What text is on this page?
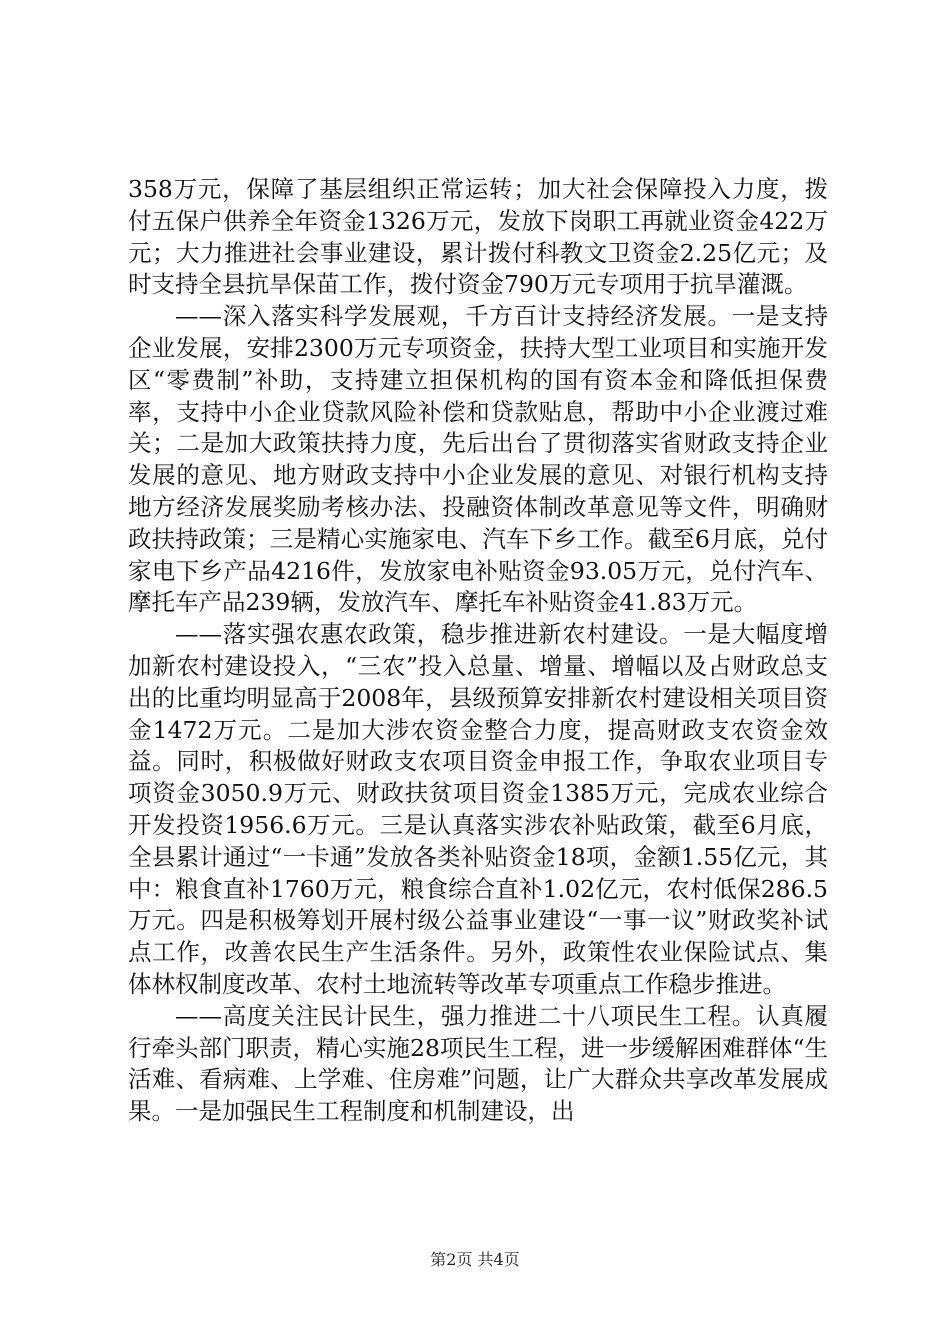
358万元，保障了基层组织正常运转；加大社会保障投入力度，拨付五保户供养全年资金1326万元，发放下岗职工再就业资金422万元；大力推进社会事业建设，累计拨付科教文卫资金2.25亿元；及时支持全县抗旱保苗工作，拨付资金790万元专项用于抗旱灌溉。

——深入落实科学发展观，千方百计支持经济发展。一是支持企业发展，安排2300万元专项资金，扶持大型工业项目和实施开发区“零费制”补助，支持建立担保机构的国有资本金和降低担保费率，支持中小企业贷款风险补偿和贷款贴息，帮助中小企业渡过难关；二是加大政策扶持力度，先后出台了贯彻落实省财政支持企业发展的意见、地方财政支持中小企业发展的意见、对银行机构支持地方经济发展奖励考核办法、投融资体制改革意见等文件，明确财政扶持政策；三是精心实施家电、汽车下乡工作。截至6月底，兑付家电下乡产品4216件，发放家电补贴资金93.05万元，兑付汽车、摩托车产品239辆，发放汽车、摩托车补贴资金41.83万元。

——落实强农惠农政策，稳步推进新农村建设。一是大幅度增加新农村建设投入，“三农”投入总量、增量、增幅以及占财政总支出的比重均明显高于2008年，县级预算安排新农村建设相关项目资金1472万元。二是加大涉农资金整合力度，提高财政支农资金效益。同时，积极做好财政支农项目资金申报工作，争取农业项目专项资金3050.9万元、财政扶贫项目资金1385万元，完成农业综合开发投资1956.6万元。三是认真落实涉农补贴政策，截至6月底，全县累计通过“一卡通”发放各类补贴资金18项，金额1.55亿元，其中：粮食直补1760万元，粮食综合直补1.02亿元，农村低保286.5万元。四是积极筹划开展村级公益事业建设“一事一议”财政奖补试点工作，改善农民生产生活条件。另外，政策性农业保险试点、集体林权制度改革、农村土地流转等改革专项重点工作稳步推进。

——高度关注民计民生，强力推进二十八项民生工程。认真履行牵头部门职责，精心实施28项民生工程，进一步缓解困难群体“生活难、看病难、上学难、住房难”问题，让广大群众共享改革发展成果。一是加强民生工程制度和机制建设，出

第2页 共4页
